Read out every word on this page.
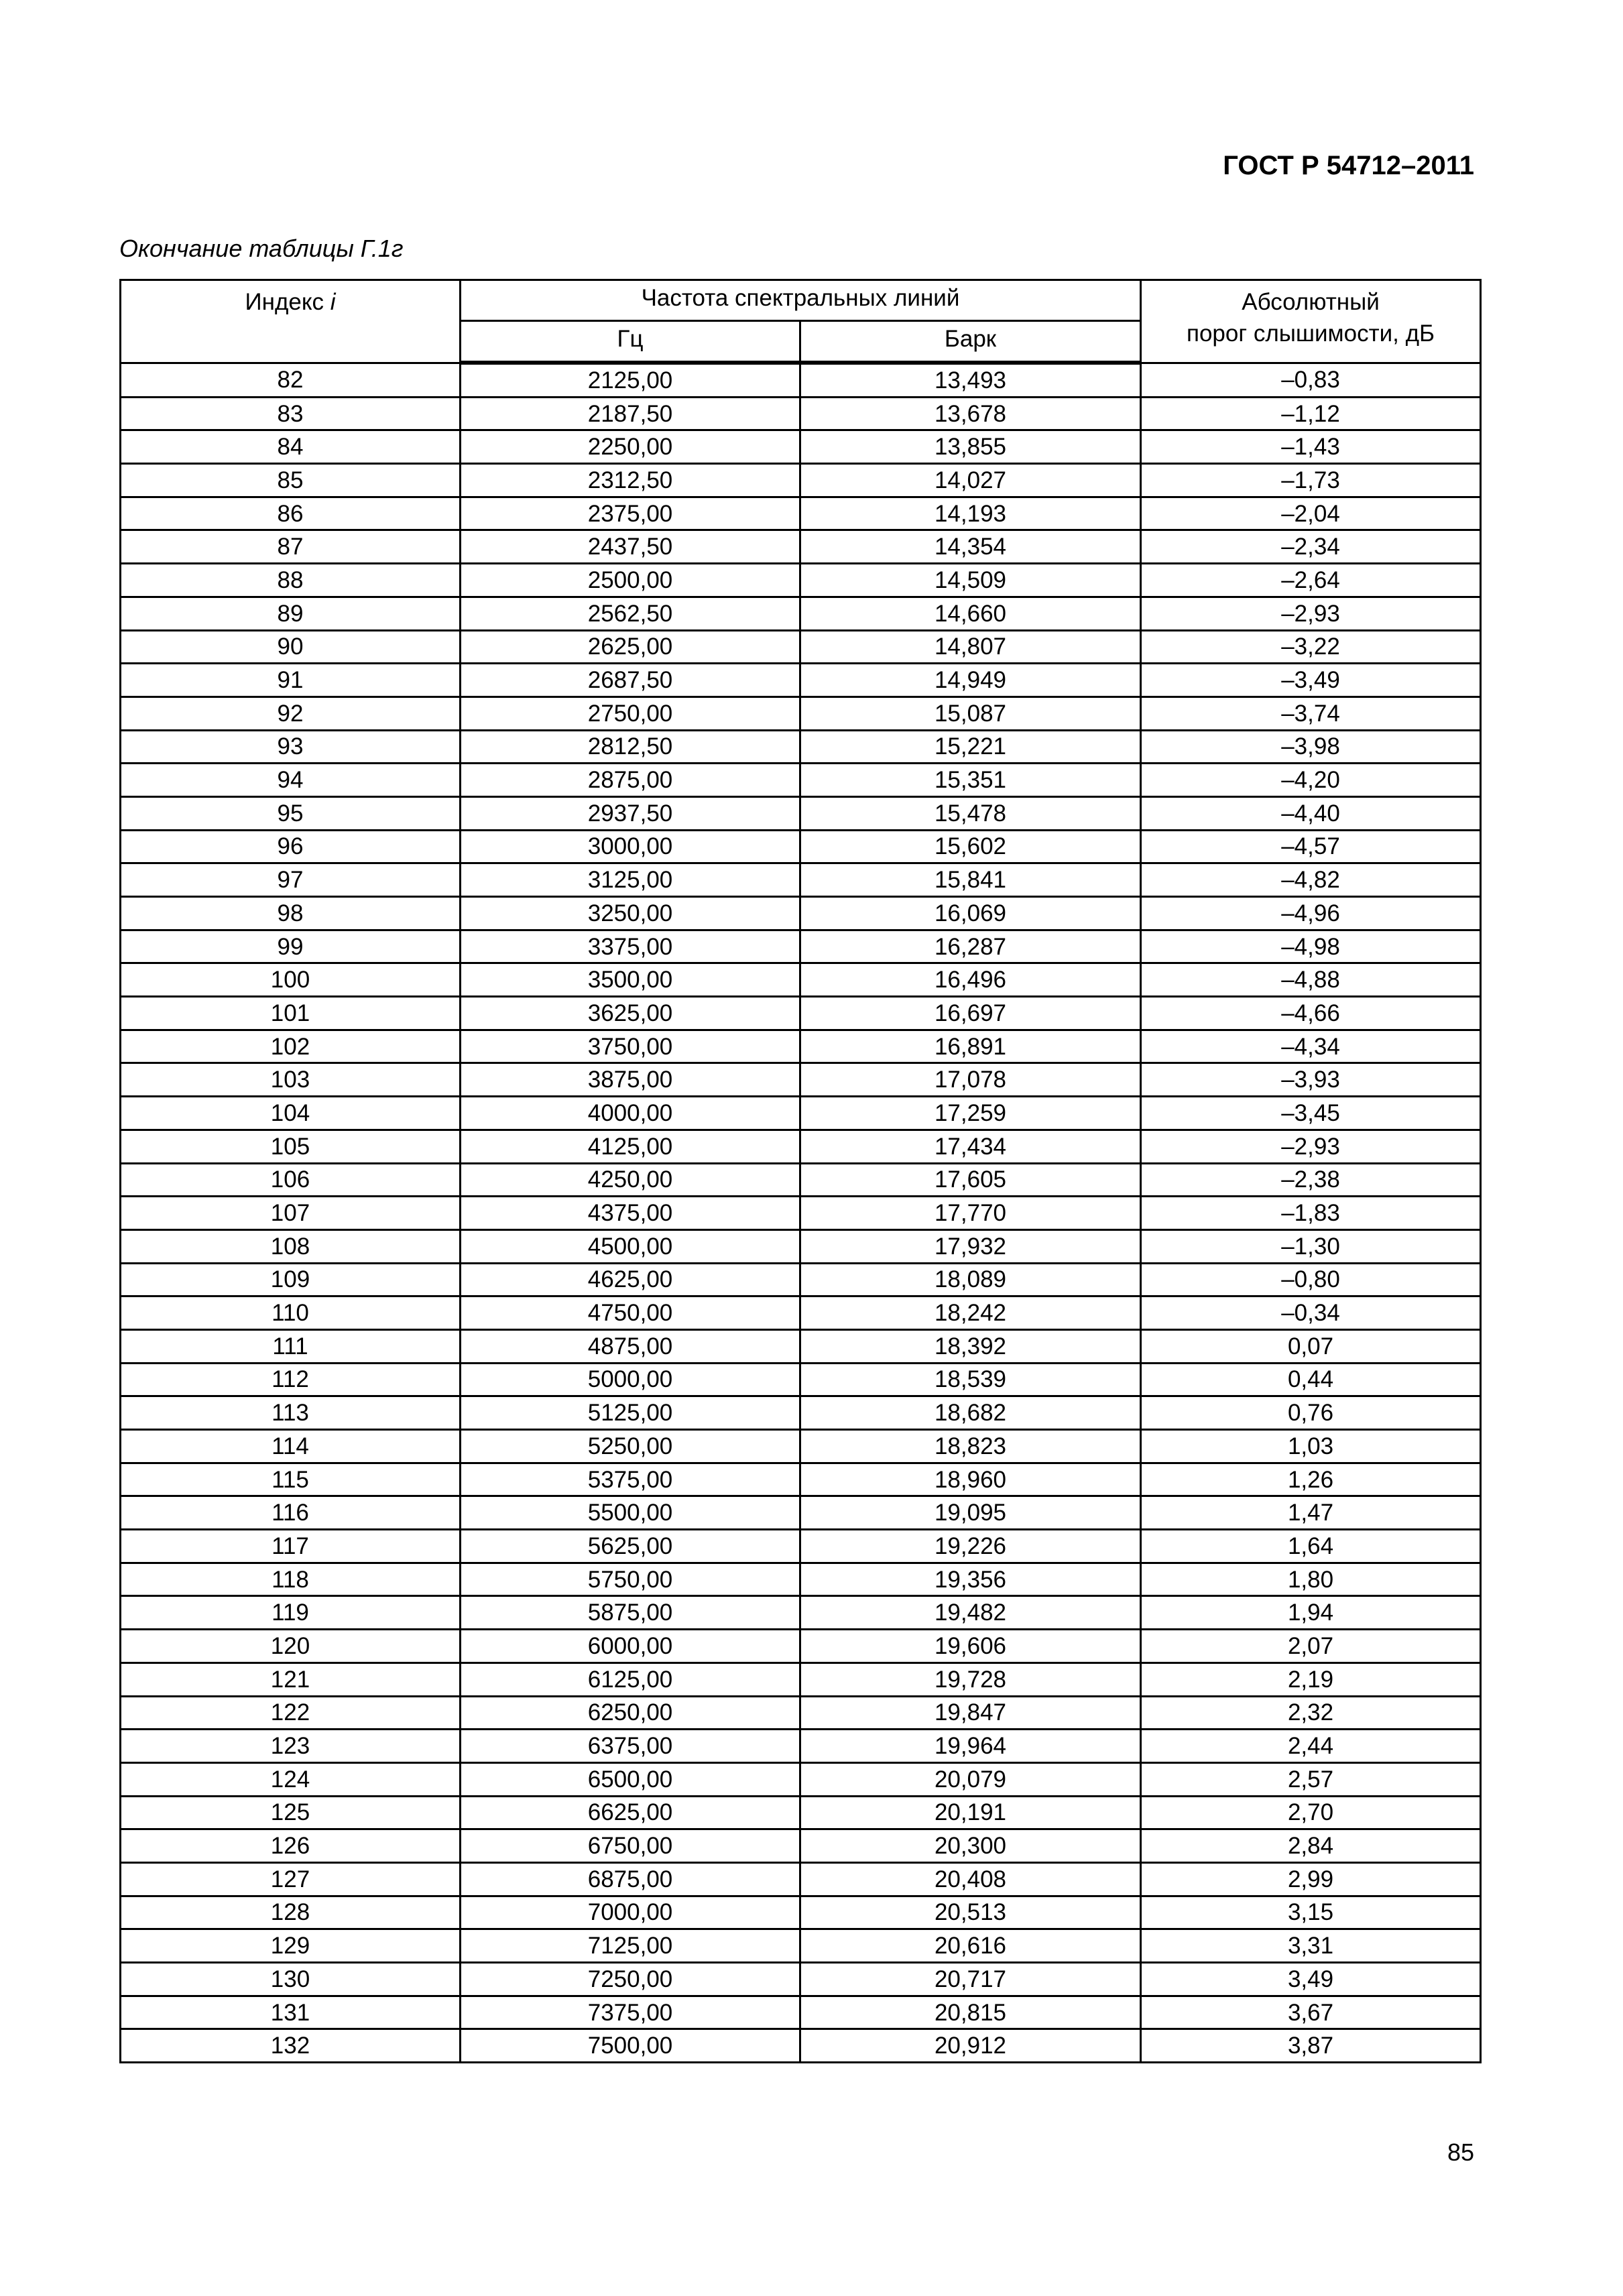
ГОСТ Р 54712–2011
Окончание таблицы Г.1г
Индекс i	Частота спектральных линий		Абсолютный
порог слышимости, дБ
	Гц	Барк	
82	2125,00	13,493	–0,83
83	2187,50	13,678	–1,12
84	2250,00	13,855	–1,43
85	2312,50	14,027	–1,73
86	2375,00	14,193	–2,04
87	2437,50	14,354	–2,34
88	2500,00	14,509	–2,64
89	2562,50	14,660	–2,93
90	2625,00	14,807	–3,22
91	2687,50	14,949	–3,49
92	2750,00	15,087	–3,74
93	2812,50	15,221	–3,98
94	2875,00	15,351	–4,20
95	2937,50	15,478	–4,40
96	3000,00	15,602	–4,57
97	3125,00	15,841	–4,82
98	3250,00	16,069	–4,96
99	3375,00	16,287	–4,98
100	3500,00	16,496	–4,88
101	3625,00	16,697	–4,66
102	3750,00	16,891	–4,34
103	3875,00	17,078	–3,93
104	4000,00	17,259	–3,45
105	4125,00	17,434	–2,93
106	4250,00	17,605	–2,38
107	4375,00	17,770	–1,83
108	4500,00	17,932	–1,30
109	4625,00	18,089	–0,80
110	4750,00	18,242	–0,34
111	4875,00	18,392	0,07
112	5000,00	18,539	0,44
113	5125,00	18,682	0,76
114	5250,00	18,823	1,03
115	5375,00	18,960	1,26
116	5500,00	19,095	1,47
117	5625,00	19,226	1,64
118	5750,00	19,356	1,80
119	5875,00	19,482	1,94
120	6000,00	19,606	2,07
121	6125,00	19,728	2,19
122	6250,00	19,847	2,32
123	6375,00	19,964	2,44
124	6500,00	20,079	2,57
125	6625,00	20,191	2,70
126	6750,00	20,300	2,84
127	6875,00	20,408	2,99
128	7000,00	20,513	3,15
129	7125,00	20,616	3,31
130	7250,00	20,717	3,49
131	7375,00	20,815	3,67
132	7500,00	20,912	3,87
85
